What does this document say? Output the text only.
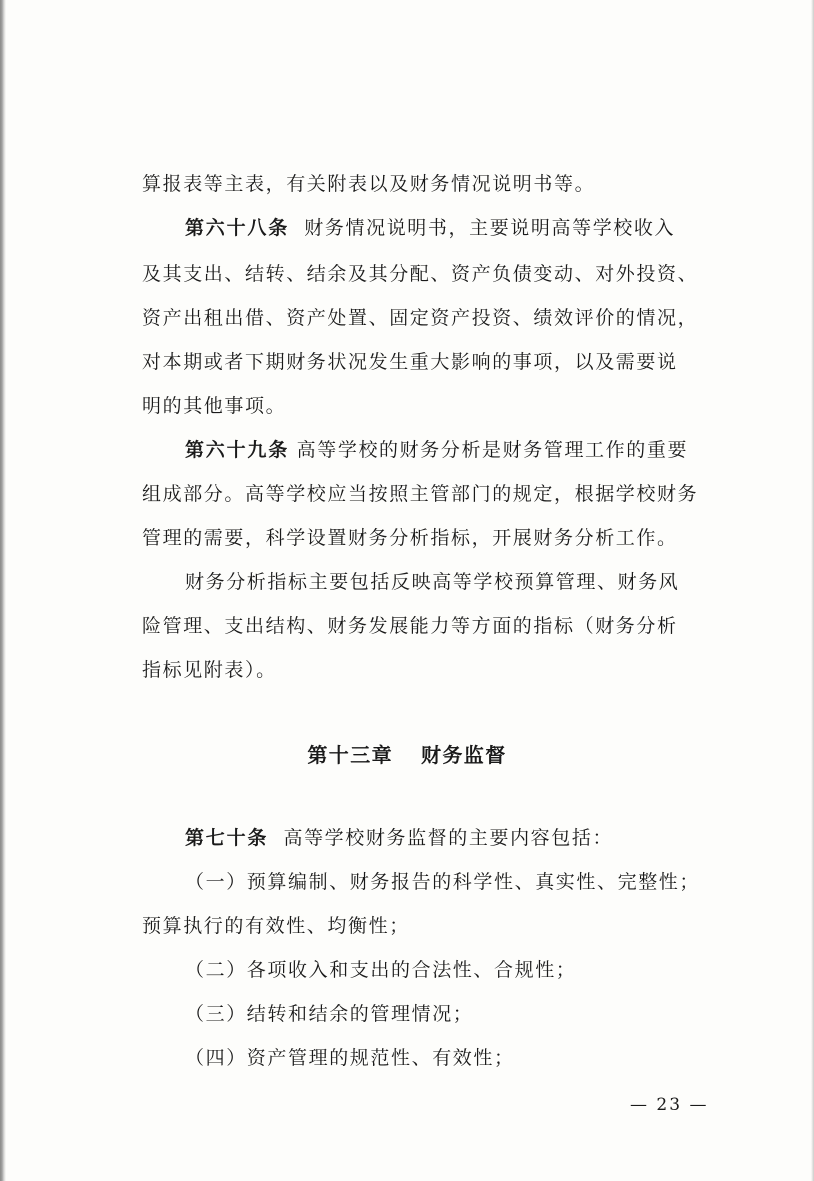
算报表等主表，有关附表以及财务情况说明书等。
第六十八条 财务情况说明书，主要说明高等学校收入
及其支出、结转、结余及其分配、资产负债变动、对外投资、
资产出租出借、资产处置、固定资产投资、绩效评价的情况，
对本期或者下期财务状况发生重大影响的事项，以及需要说
明的其他事项。
第六十九条 高等学校的财务分析是财务管理工作的重要
组成部分。高等学校应当按照主管部门的规定，根据学校财务
管理的需要，科学设置财务分析指标，开展财务分析工作。
财务分析指标主要包括反映高等学校预算管理、财务风
险管理、支出结构、财务发展能力等方面的指标（财务分析
指标见附表）。
第十三章 财务监督
第七十条 高等学校财务监督的主要内容包括：
（一）预算编制、财务报告的科学性、真实性、完整性；
预算执行的有效性、均衡性；
（二）各项收入和支出的合法性、合规性；
（三）结转和结余的管理情况；
（四）资产管理的规范性、有效性；
— 23 —
